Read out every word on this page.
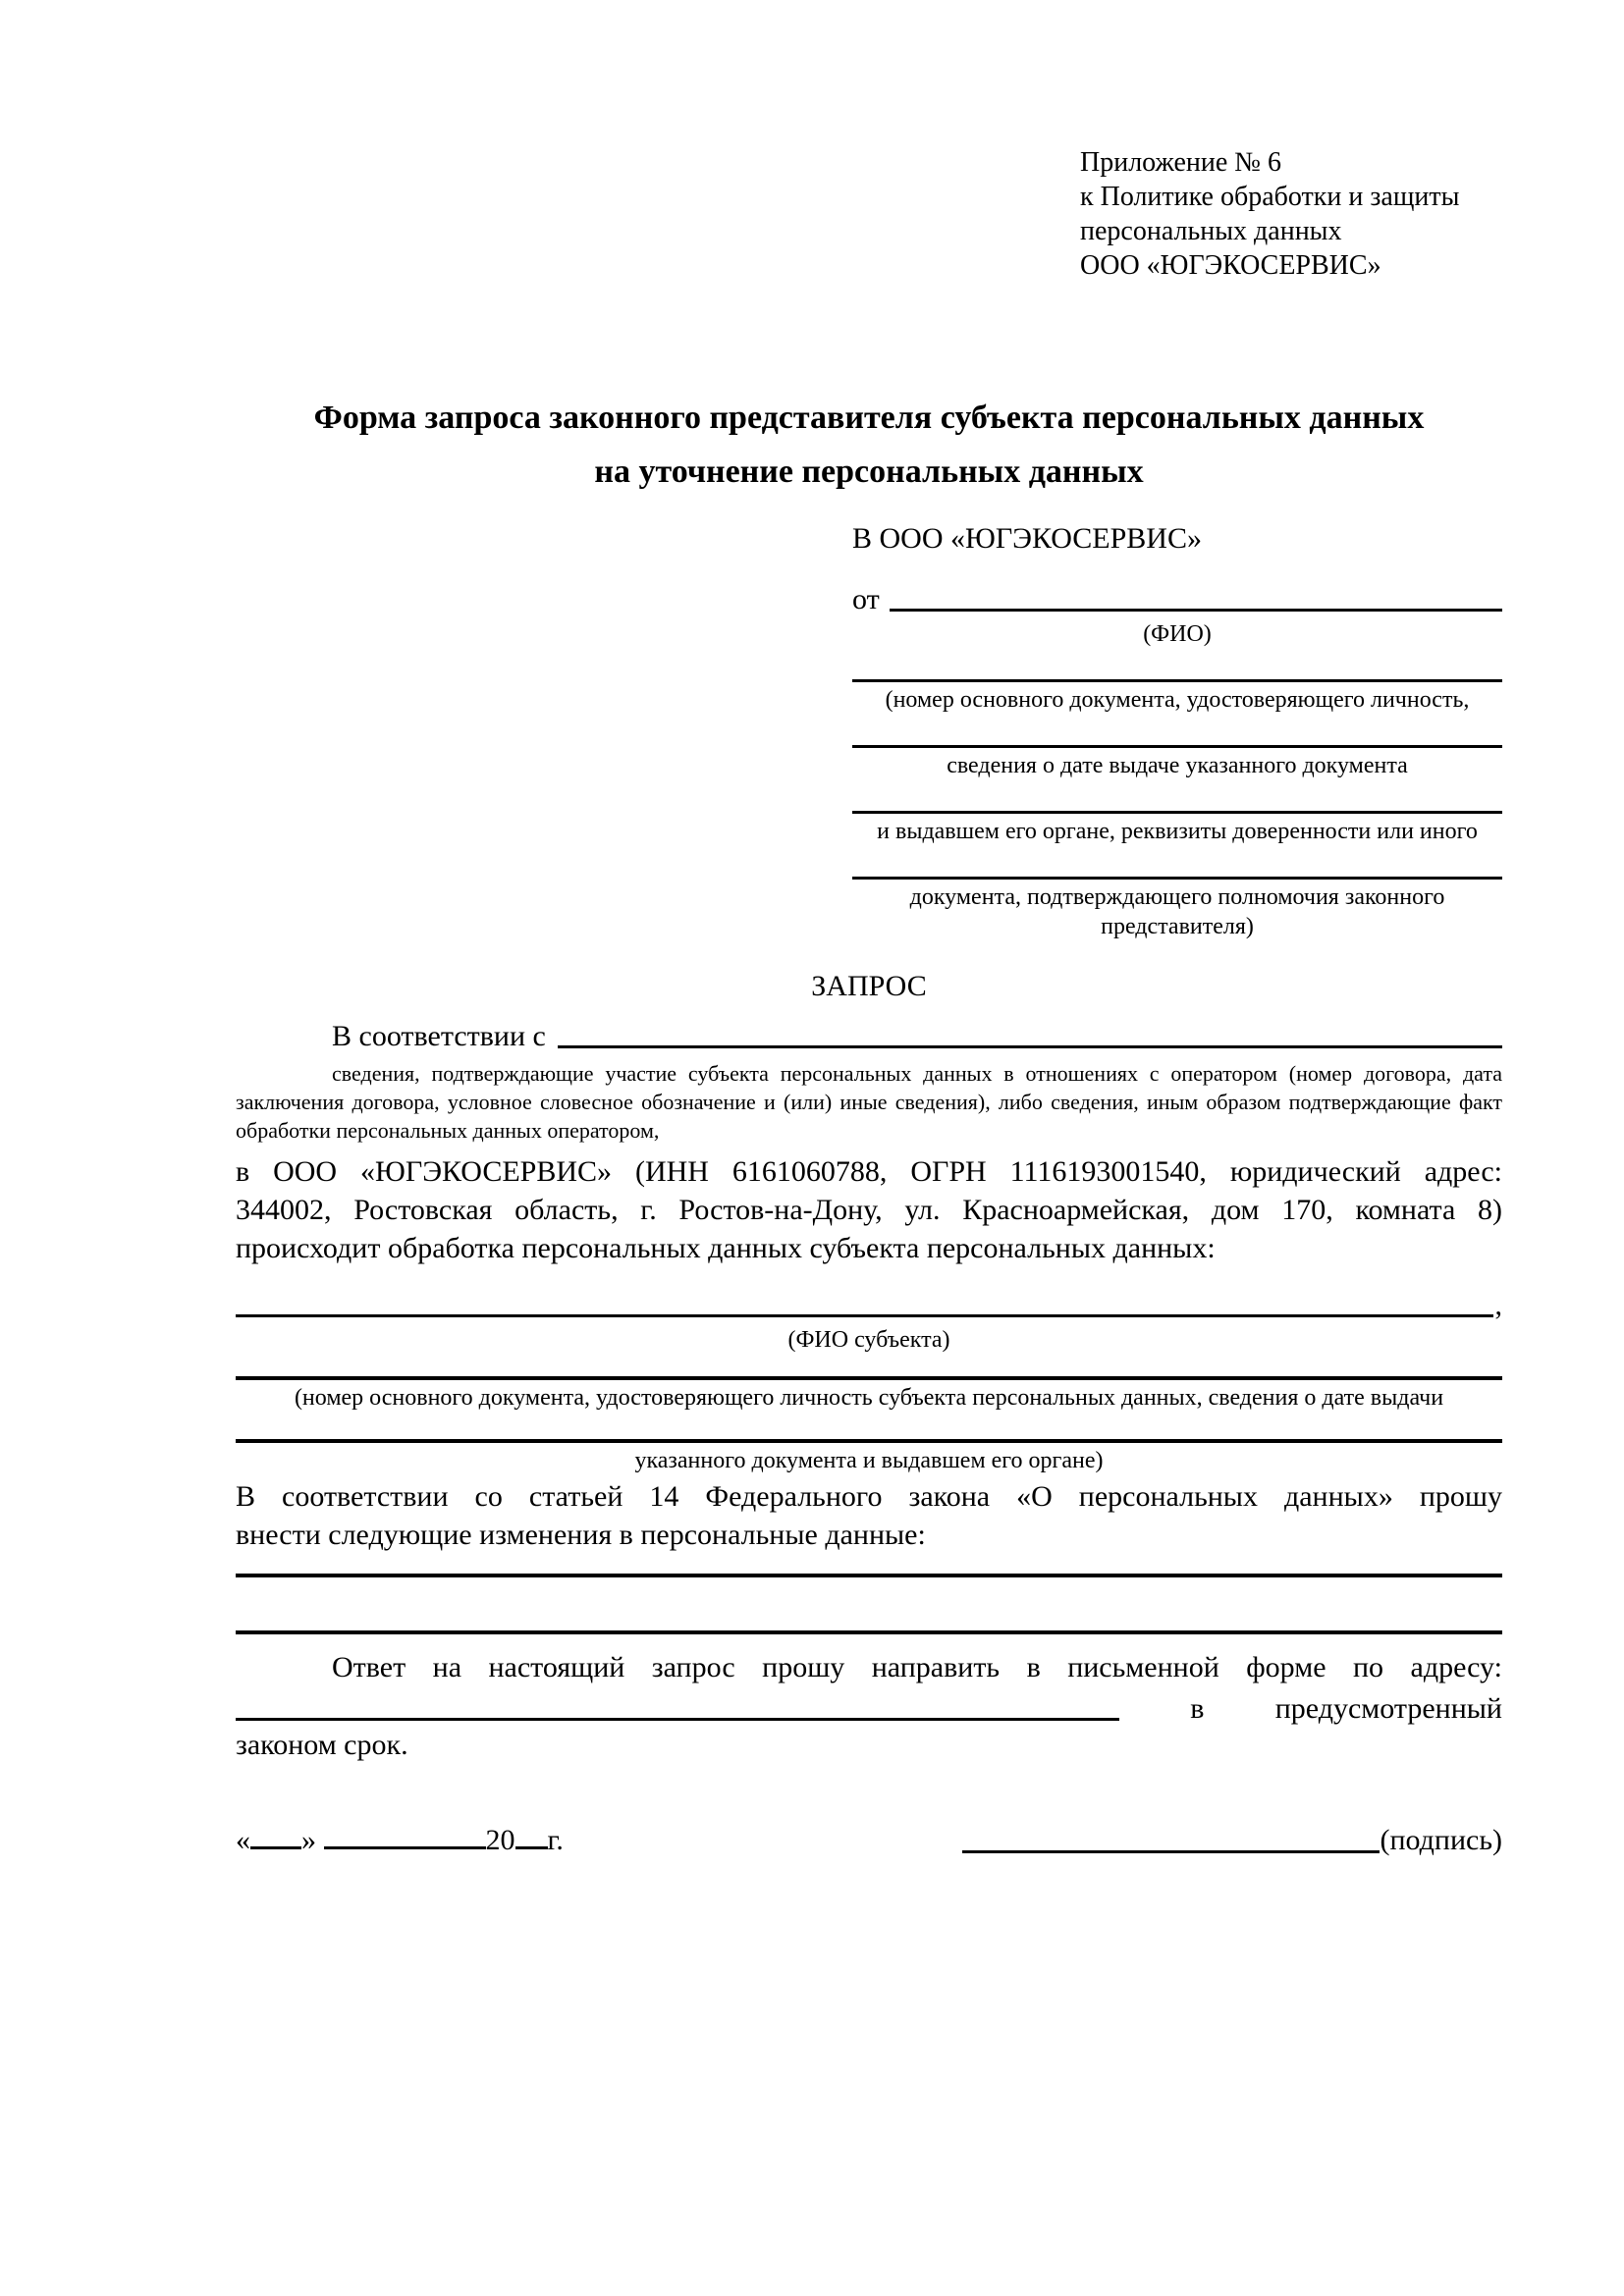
Приложение № 6
к Политике обработки и защиты
персональных данных
ООО «ЮГЭКОСЕРВИС»
Форма запроса законного представителя субъекта персональных данных
на уточнение персональных данных
В ООО «ЮГЭКОСЕРВИС»
от
(ФИО)
(номер основного документа, удостоверяющего личность,
сведения о дате выдаче указанного документа
и выдавшем его органе, реквизиты доверенности или иного
документа, подтверждающего полномочия законного представителя)
ЗАПРОС
В соответствии с
сведения, подтверждающие участие субъекта персональных данных в отношениях с оператором (номер договора, дата
заключения договора, условное словесное обозначение и (или) иные сведения), либо сведения, иным образом подтверждающие факт
обработки персональных данных оператором,
в ООО «ЮГЭКОСЕРВИС» (ИНН 6161060788, ОГРН 1116193001540, юридический адрес:
344002, Ростовская область, г. Ростов-на-Дону, ул. Красноармейская, дом 170, комната 8)
происходит обработка персональных данных субъекта персональных данных:
,
(ФИО субъекта)
(номер основного документа, удостоверяющего личность субъекта персональных данных, сведения о дате выдачи
указанного документа и выдавшем его органе)
В соответствии со статьей 14 Федерального закона «О персональных данных» прошу
внести следующие изменения в персональные данные:
Ответ на настоящий запрос прошу направить в письменной форме по адресу:
в предусмотренный
законом срок.
« »	20 г.	(подпись)
